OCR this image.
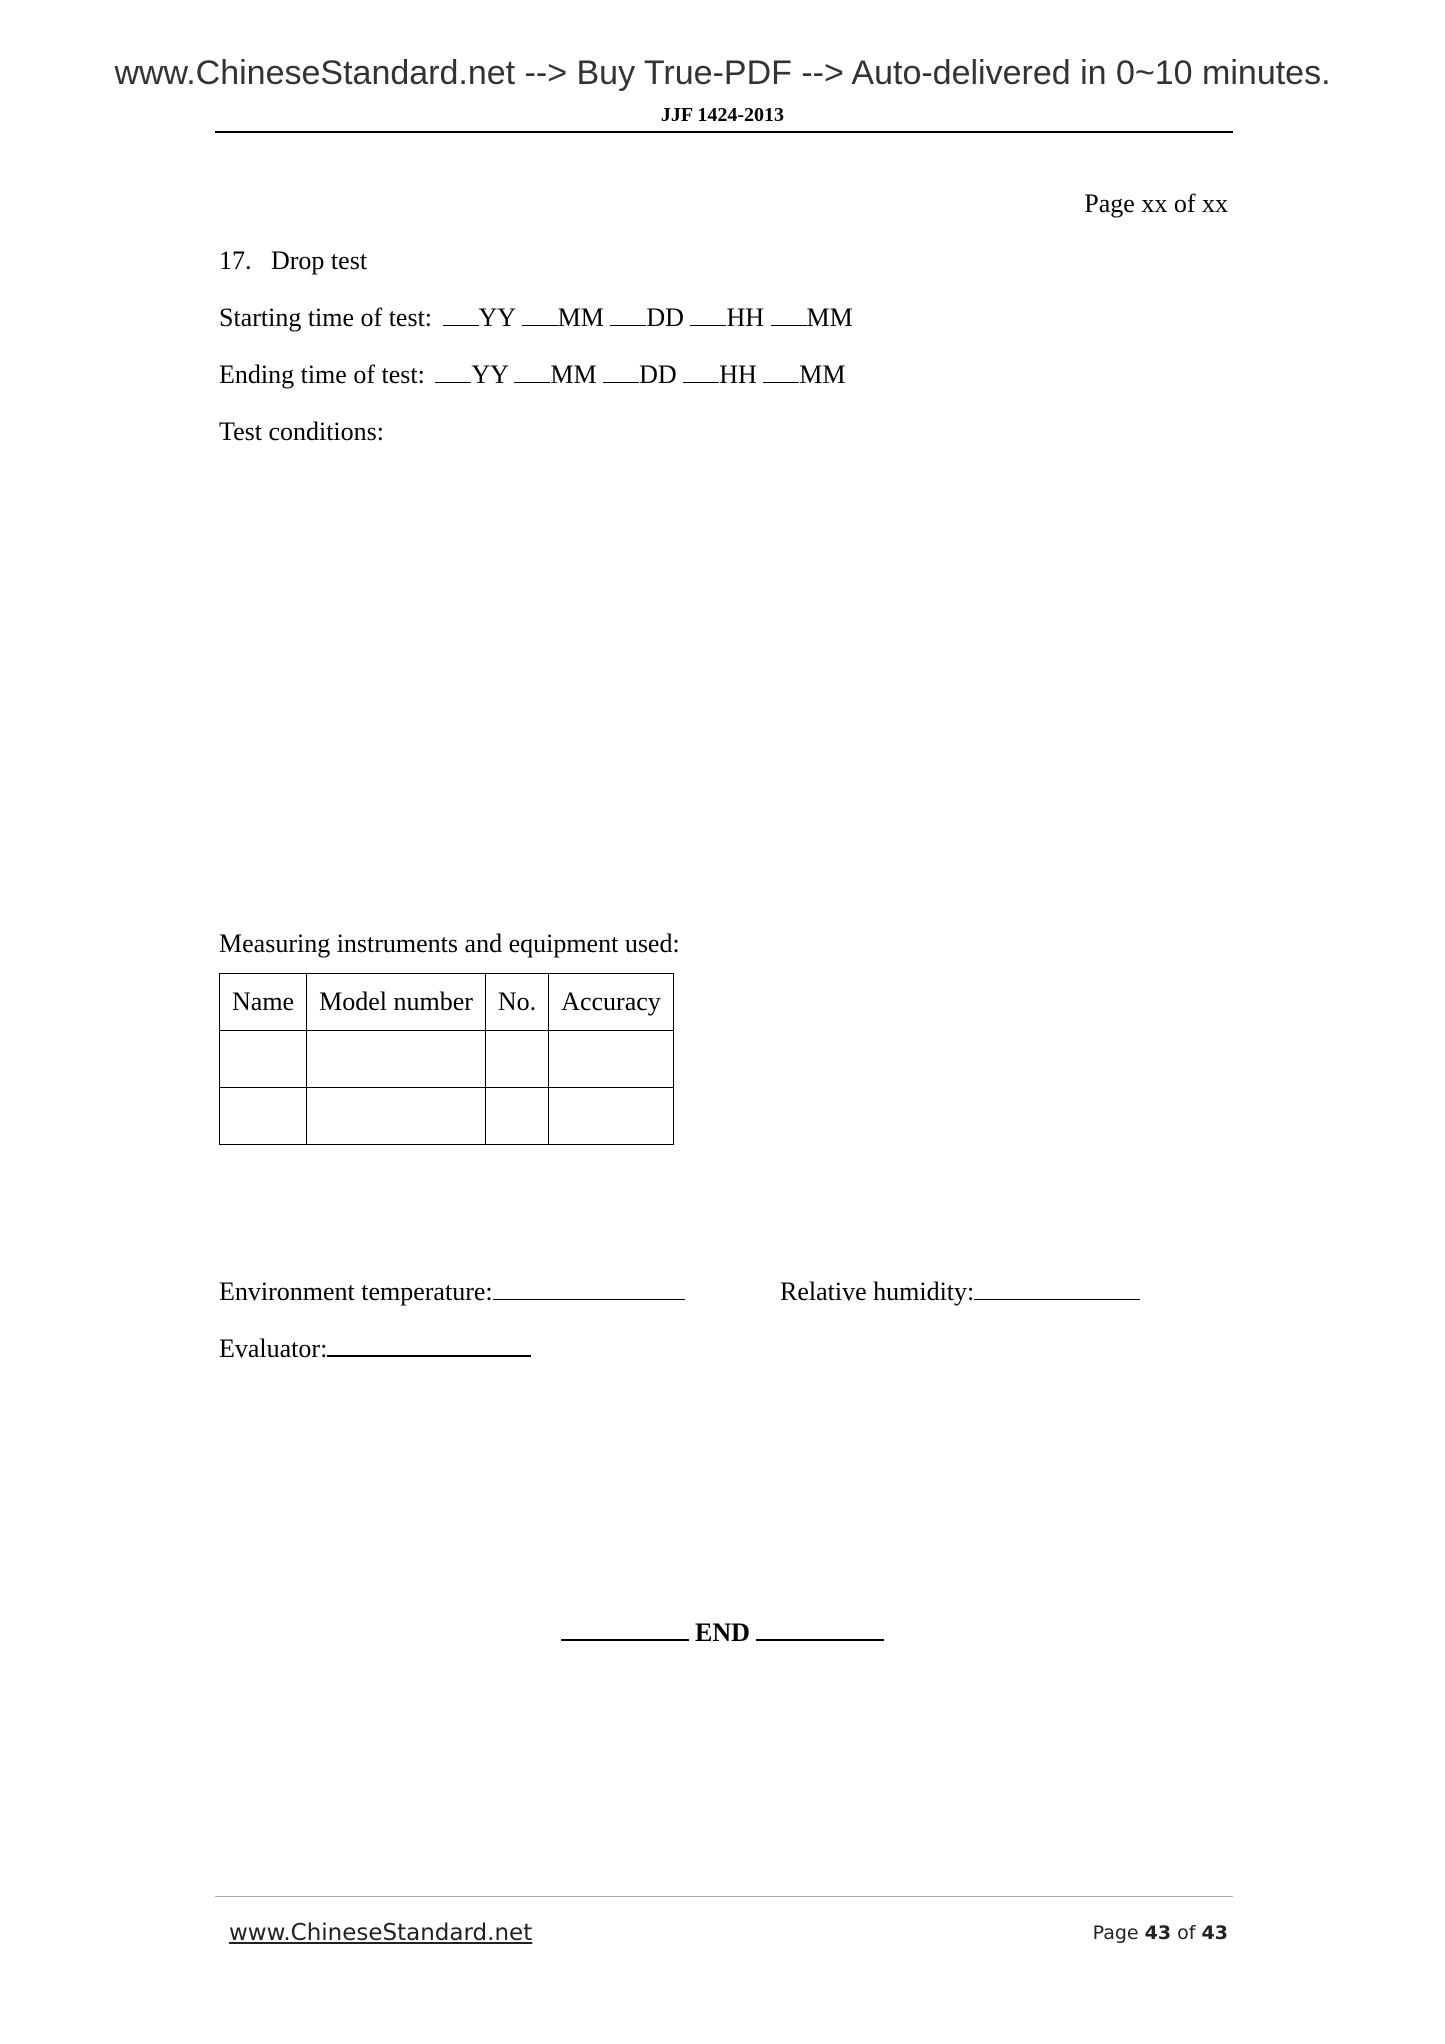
www.ChineseStandard.net --> Buy True-PDF --> Auto-delivered in 0~10 minutes.
JJF 1424-2013
Page xx of xx
17. Drop test
Starting time of test: YY MM DD HH MM
Ending time of test: YY MM DD HH MM
Test conditions:
Measuring instruments and equipment used:
Name	Model number	No.	Accuracy

Environment temperature:	Relative humidity:
Evaluator:
END
www.ChineseStandard.net	Page 43 of 43
